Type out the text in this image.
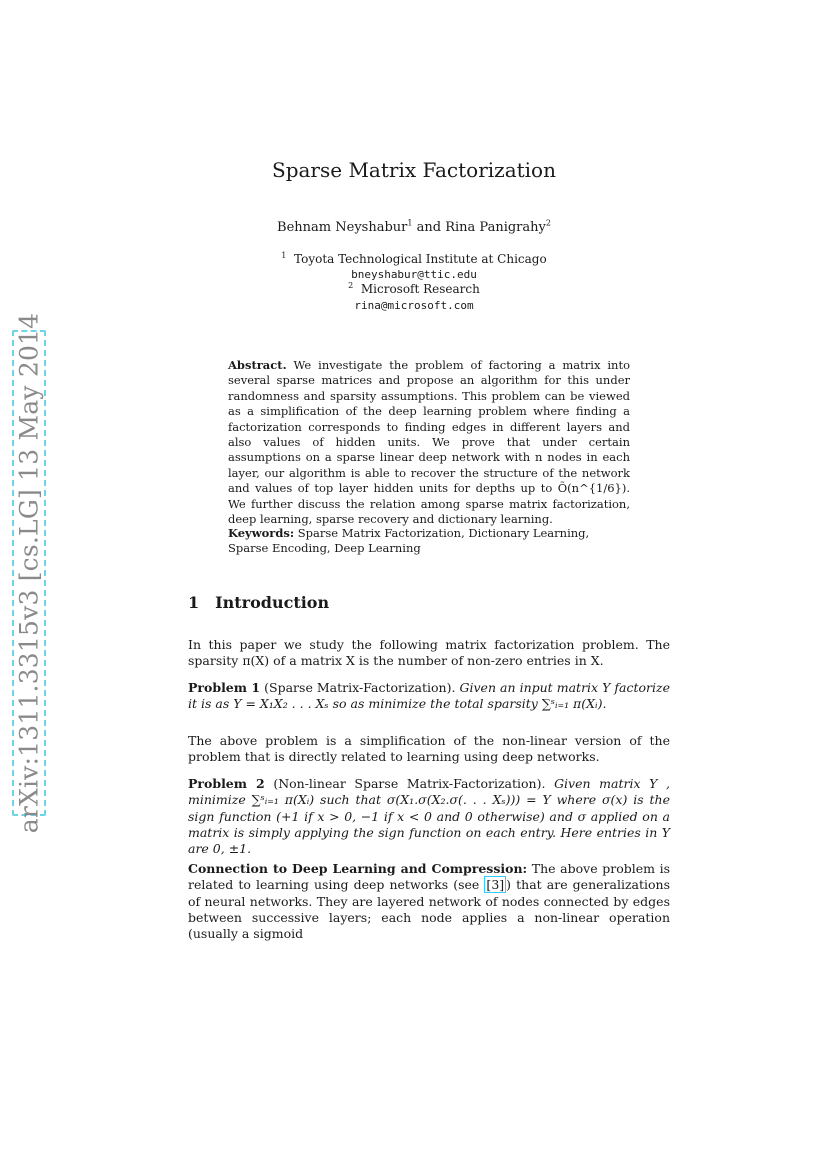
arXiv:1311.3315v3 [cs.LG] 13 May 2014
Sparse Matrix Factorization
Behnam Neyshabur$^1$ and Rina Panigrahy$^2$
$^1$ Toyota Technological Institute at Chicago
bneyshabur@ttic.edu
$^2$ Microsoft Research
rina@microsoft.com
Abstract. We investigate the problem of factoring a matrix into several sparse matrices and propose an algorithm for this under randomness and sparsity assumptions. This problem can be viewed as a simplification of the deep learning problem where finding a factorization corresponds to finding edges in different layers and also values of hidden units. We prove that under certain assumptions on a sparse linear deep network with n nodes in each layer, our algorithm is able to recover the structure of the network and values of top layer hidden units for depths up to Õ(n^{1/6}). We further discuss the relation among sparse matrix factorization, deep learning, sparse recovery and dictionary learning.
Keywords: Sparse Matrix Factorization, Dictionary Learning, Sparse Encoding, Deep Learning
1 Introduction
In this paper we study the following matrix factorization problem. The sparsity π(X) of a matrix X is the number of non-zero entries in X.
Problem 1 (Sparse Matrix-Factorization). Given an input matrix Y factorize it is as Y = X₁X₂ . . . Xₛ so as minimize the total sparsity ∑ˢᵢ₌₁ π(Xᵢ).
The above problem is a simplification of the non-linear version of the problem that is directly related to learning using deep networks.
Problem 2 (Non-linear Sparse Matrix-Factorization). Given matrix Y , minimize ∑ˢᵢ₌₁ π(Xᵢ) such that σ(X₁.σ(X₂.σ(. . . Xₛ))) = Y where σ(x) is the sign function (+1 if x > 0, −1 if x < 0 and 0 otherwise) and σ applied on a matrix is simply applying the sign function on each entry. Here entries in Y are 0, ±1.
Connection to Deep Learning and Compression: The above problem is related to learning using deep networks (see [3] ) that are generalizations of neural networks. They are layered network of nodes connected by edges between successive layers; each node applies a non-linear operation (usually a sigmoid
